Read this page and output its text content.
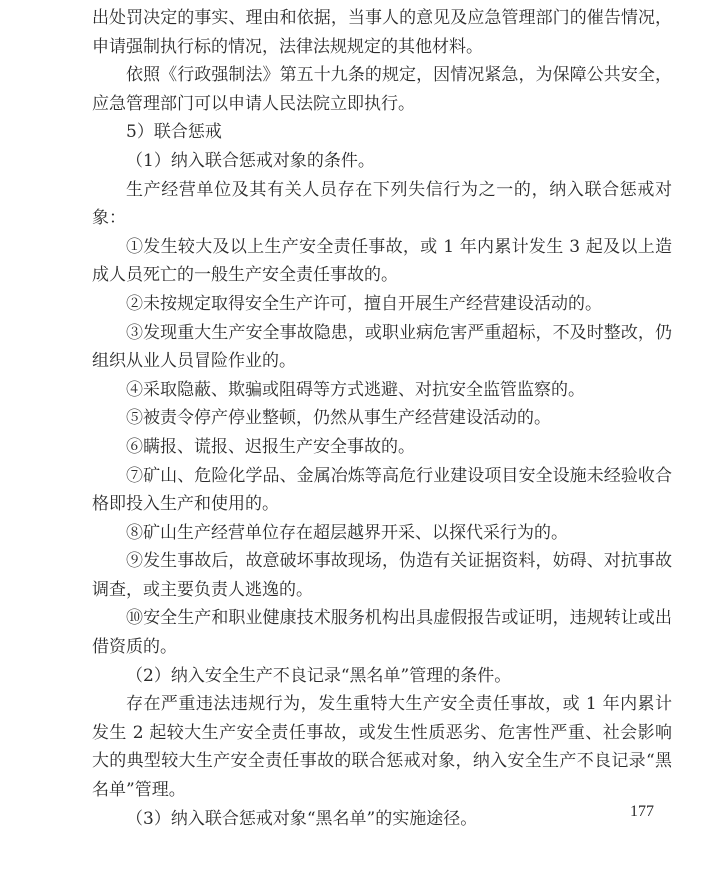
出处罚决定的事实、理由和依据，当事人的意见及应急管理部门的催告情况，申请强制执行标的情况，法律法规规定的其他材料。

依照《行政强制法》第五十九条的规定，因情况紧急，为保障公共安全，应急管理部门可以申请人民法院立即执行。

5）联合惩戒

（1）纳入联合惩戒对象的条件。

生产经营单位及其有关人员存在下列失信行为之一的，纳入联合惩戒对象：

①发生较大及以上生产安全责任事故，或 1 年内累计发生 3 起及以上造成人员死亡的一般生产安全责任事故的。

②未按规定取得安全生产许可，擅自开展生产经营建设活动的。

③发现重大生产安全事故隐患，或职业病危害严重超标，不及时整改，仍组织从业人员冒险作业的。

④采取隐蔽、欺骗或阻碍等方式逃避、对抗安全监管监察的。

⑤被责令停产停业整顿，仍然从事生产经营建设活动的。

⑥瞒报、谎报、迟报生产安全事故的。

⑦矿山、危险化学品、金属冶炼等高危行业建设项目安全设施未经验收合格即投入生产和使用的。

⑧矿山生产经营单位存在超层越界开采、以探代采行为的。

⑨发生事故后，故意破坏事故现场，伪造有关证据资料，妨碍、对抗事故调查，或主要负责人逃逸的。

⑩安全生产和职业健康技术服务机构出具虚假报告或证明，违规转让或出借资质的。

（2）纳入安全生产不良记录“黑名单”管理的条件。

存在严重违法违规行为，发生重特大生产安全责任事故，或 1 年内累计发生 2 起较大生产安全责任事故，或发生性质恶劣、危害性严重、社会影响大的典型较大生产安全责任事故的联合惩戒对象，纳入安全生产不良记录“黑名单”管理。

（3）纳入联合惩戒对象“黑名单”的实施途径。	177
